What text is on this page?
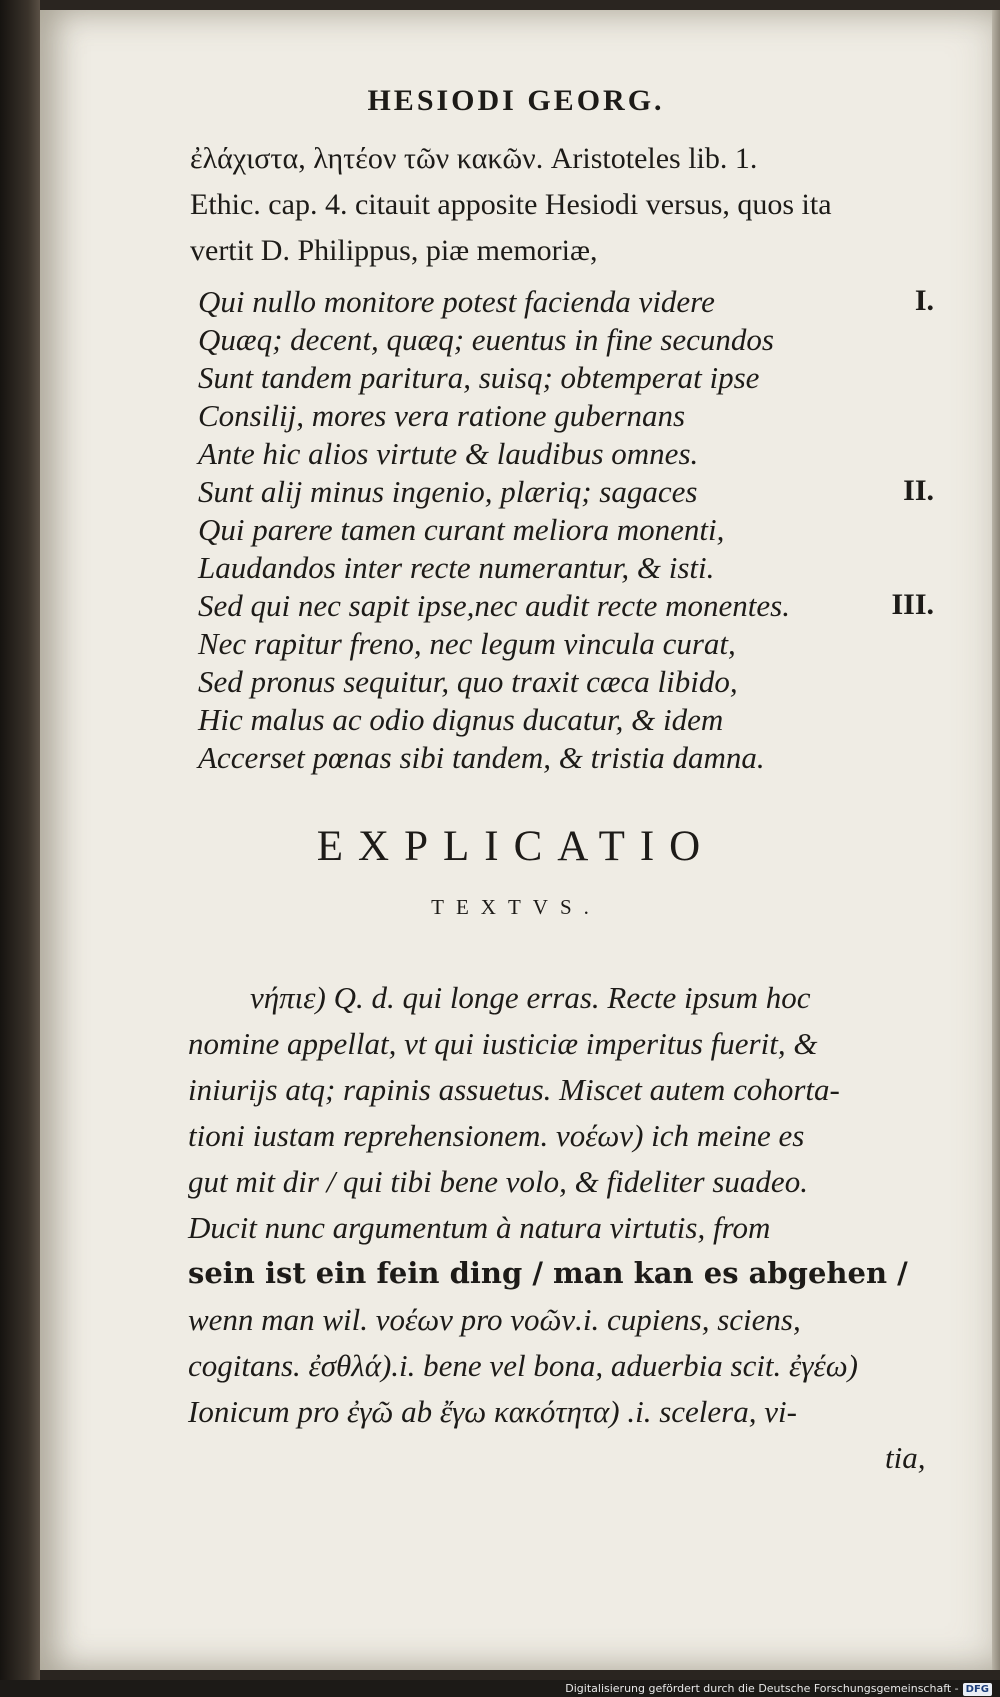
HESIODI GEORG.
ἐλάχιστα, λητέον τῶν κακῶν. Aristoteles lib. 1.
Ethic. cap. 4. citauit apposite Hesiodi versus, quos ita
vertit D. Philippus, piæ memoriæ,
Qui nullo monitore potest facienda videre
Quæq; decent, quæq; euentus in fine secundos
Sunt tandem paritura, suisq; obtemperat ipse
Consilij, mores vera ratione gubernans
Ante hic alios virtute & laudibus omnes.
Sunt alij minus ingenio, plæriq; sagaces
Qui parere tamen curant meliora monenti,
Laudandos inter recte numerantur, & isti.
Sed qui nec sapit ipse,nec audit recte monentes.
Nec rapitur freno, nec legum vincula curat,
Sed pronus sequitur, quo traxit cæca libido,
Hic malus ac odio dignus ducatur, & idem
Accerset pœnas sibi tandem, & tristia damna.
I.
II.
III.
EXPLICATIO
TEXTVS.
νήπιε) Q. d. qui longe erras. Recte ipsum hoc
nomine appellat, vt qui iusticiæ imperitus fuerit, &
iniurijs atq; rapinis assuetus. Miscet autem cohorta-
tioni iustam reprehensionem. νοέων) ich meine es
gut mit dir / qui tibi bene volo, & fideliter suadeo.
Ducit nunc argumentum à natura virtutis, from
sein ist ein fein ding / man kan es abgehen /
wenn man wil. νοέων pro νοῶν.i. cupiens, sciens,
cogitans. ἐσθλά).i. bene vel bona, aduerbia scit. ἐγέω)
Ionicum pro ἐγῶ ab ἔγω κακότητα) .i. scelera, vi-
tia,
Digitalisierung gefördert durch die Deutsche Forschungsgemeinschaft - DFG
